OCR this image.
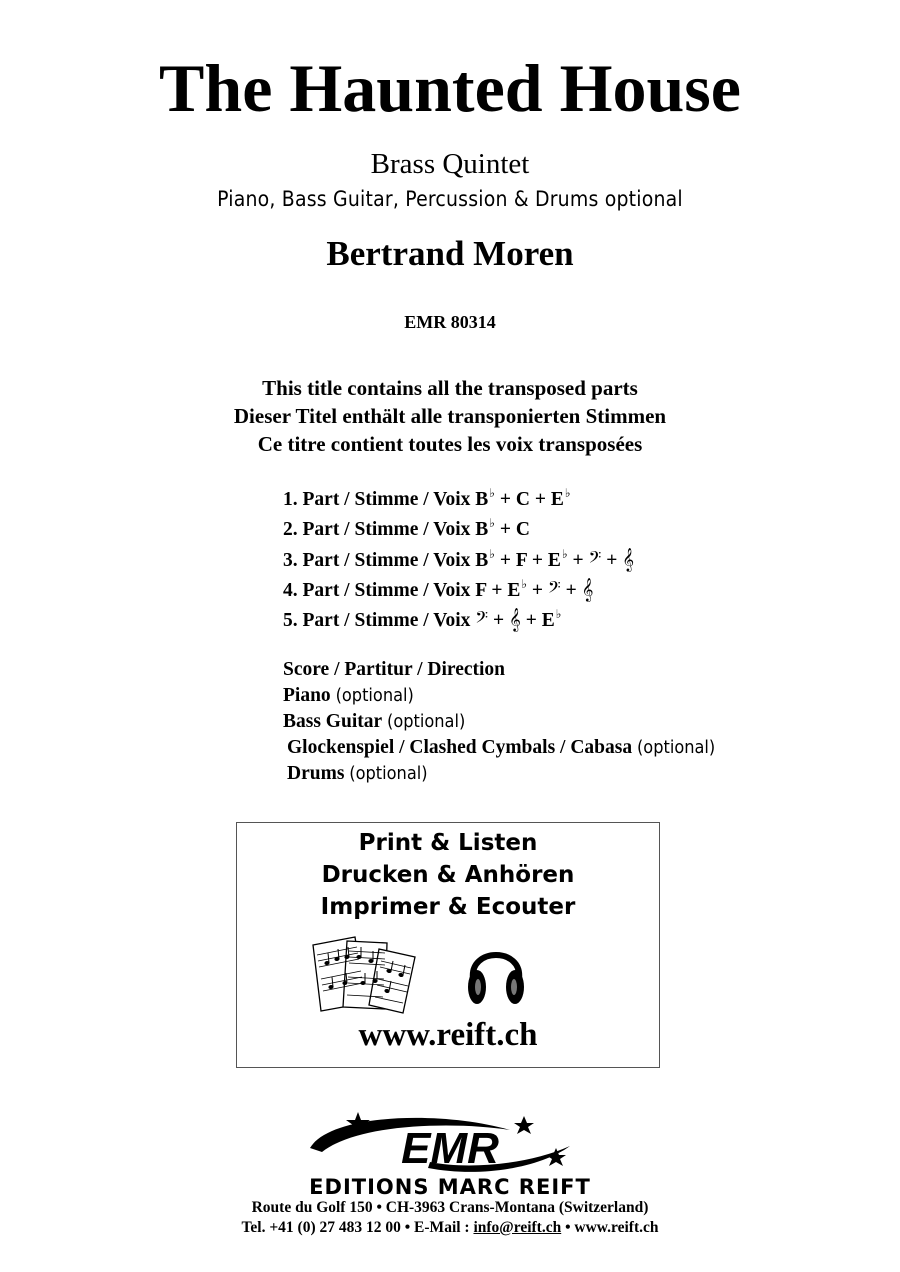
The Haunted House
Brass Quintet
Piano, Bass Guitar, Percussion & Drums optional
Bertrand Moren
EMR 80314
This title contains all the transposed parts
Dieser Titel enthält alle transponierten Stimmen
Ce titre contient toutes les voix transposées
1. Part / Stimme / Voix B♭ + C + E♭
2. Part / Stimme / Voix B♭ + C
3. Part / Stimme / Voix B♭ + F + E♭ + 𝄢 + 𝄞
4. Part / Stimme / Voix F + E♭ + 𝄢 + 𝄞
5. Part / Stimme / Voix 𝄢 + 𝄞 + E♭
Score / Partitur / Direction
Piano (optional)
Bass Guitar (optional)
Glockenspiel / Clashed Cymbals / Cabasa (optional)
Drums (optional)
Print & Listen
Drucken & Anhören
Imprimer & Ecouter
www.reift.ch
EMR
EDITIONS MARC REIFT
Route du Golf 150 • CH-3963 Crans-Montana (Switzerland)
Tel. +41 (0) 27 483 12 00 • E-Mail : info@reift.ch • www.reift.ch
